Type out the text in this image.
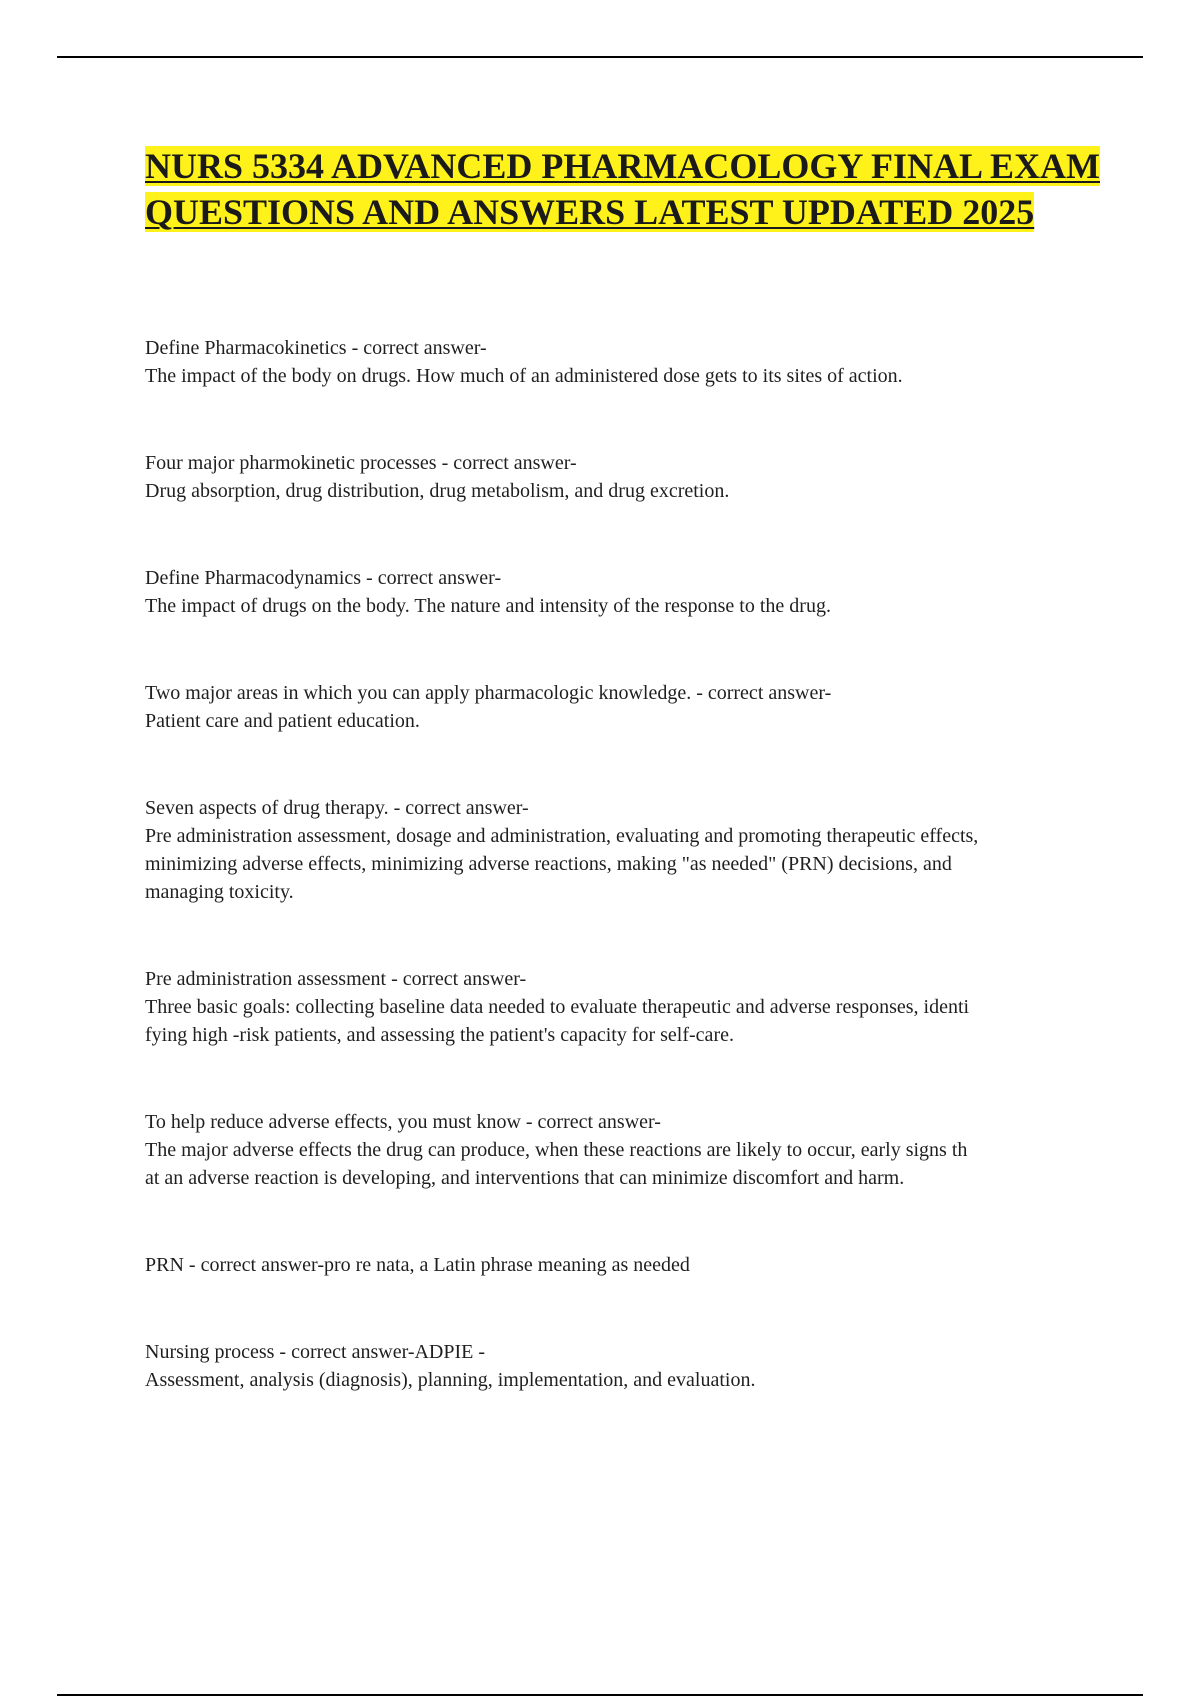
NURS 5334 ADVANCED PHARMACOLOGY FINAL EXAM QUESTIONS AND ANSWERS LATEST UPDATED 2025
Define Pharmacokinetics - correct answer-
The impact of the body on drugs. How much of an administered dose gets to its sites of action.
Four major pharmokinetic processes - correct answer-
Drug absorption, drug distribution, drug metabolism, and drug excretion.
Define Pharmacodynamics - correct answer-
The impact of drugs on the body. The nature and intensity of the response to the drug.
Two major areas in which you can apply pharmacologic knowledge. - correct answer-
Patient care and patient education.
Seven aspects of drug therapy. - correct answer-
Pre administration assessment, dosage and administration, evaluating and promoting therapeutic effects,
minimizing adverse effects, minimizing adverse reactions, making "as needed" (PRN) decisions, and
managing toxicity.
Pre administration assessment - correct answer-
Three basic goals: collecting baseline data needed to evaluate therapeutic and adverse responses, identi
fying high -risk patients, and assessing the patient's capacity for self-care.
To help reduce adverse effects, you must know - correct answer-
The major adverse effects the drug can produce, when these reactions are likely to occur, early signs th
at an adverse reaction is developing, and interventions that can minimize discomfort and harm.
PRN - correct answer-pro re nata, a Latin phrase meaning as needed
Nursing process - correct answer-ADPIE -
Assessment, analysis (diagnosis), planning, implementation, and evaluation.
